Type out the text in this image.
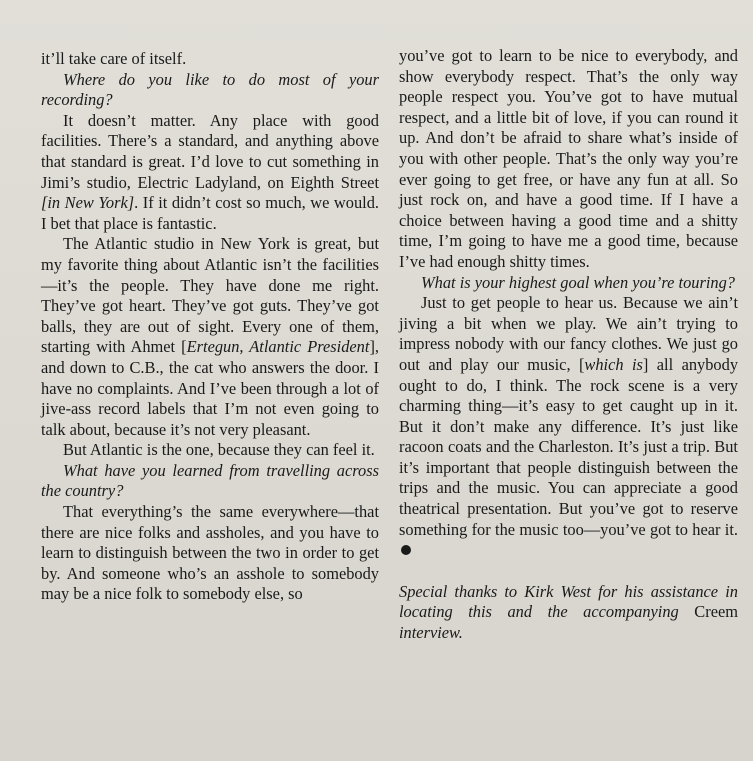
it’ll take care of itself.

Where do you like to do most of your recording?

It doesn’t matter. Any place with good facilities. There’s a standard, and anything above that standard is great. I’d love to cut something in Jimi’s studio, Electric Ladyland, on Eighth Street [in New York]. If it didn’t cost so much, we would. I bet that place is fantastic.

The Atlantic studio in New York is great, but my favorite thing about Atlantic isn’t the facilities—it’s the people. They have done me right. They’ve got heart. They’ve got guts. They’ve got balls, they are out of sight. Every one of them, starting with Ahmet [Ertegun, Atlantic President], and down to C.B., the cat who answers the door. I have no complaints. And I’ve been through a lot of jive-ass record labels that I’m not even going to talk about, because it’s not very pleasant.

But Atlantic is the one, because they can feel it.

What have you learned from travelling across the country?

That everything’s the same everywhere—that there are nice folks and assholes, and you have to learn to distinguish between the two in order to get by. And someone who’s an asshole to somebody may be a nice folk to somebody else, so

you’ve got to learn to be nice to everybody, and show everybody respect. That’s the only way people respect you. You’ve got to have mutual respect, and a little bit of love, if you can round it up. And don’t be afraid to share what’s inside of you with other people. That’s the only way you’re ever going to get free, or have any fun at all. So just rock on, and have a good time. If I have a choice between having a good time and a shitty time, I’m going to have me a good time, because I’ve had enough shitty times.

What is your highest goal when you’re touring?

Just to get people to hear us. Because we ain’t jiving a bit when we play. We ain’t trying to impress nobody with our fancy clothes. We just go out and play our music, [which is] all anybody ought to do, I think. The rock scene is a very charming thing—it’s easy to get caught up in it. But it don’t make any difference. It’s just like racoon coats and the Charleston. It’s just a trip. But it’s important that people distinguish between the trips and the music. You can appreciate a good theatrical presentation. But you’ve got to reserve something for the music too—you’ve got to hear it.

Special thanks to Kirk West for his assistance in locating this and the accompanying Creem interview.
